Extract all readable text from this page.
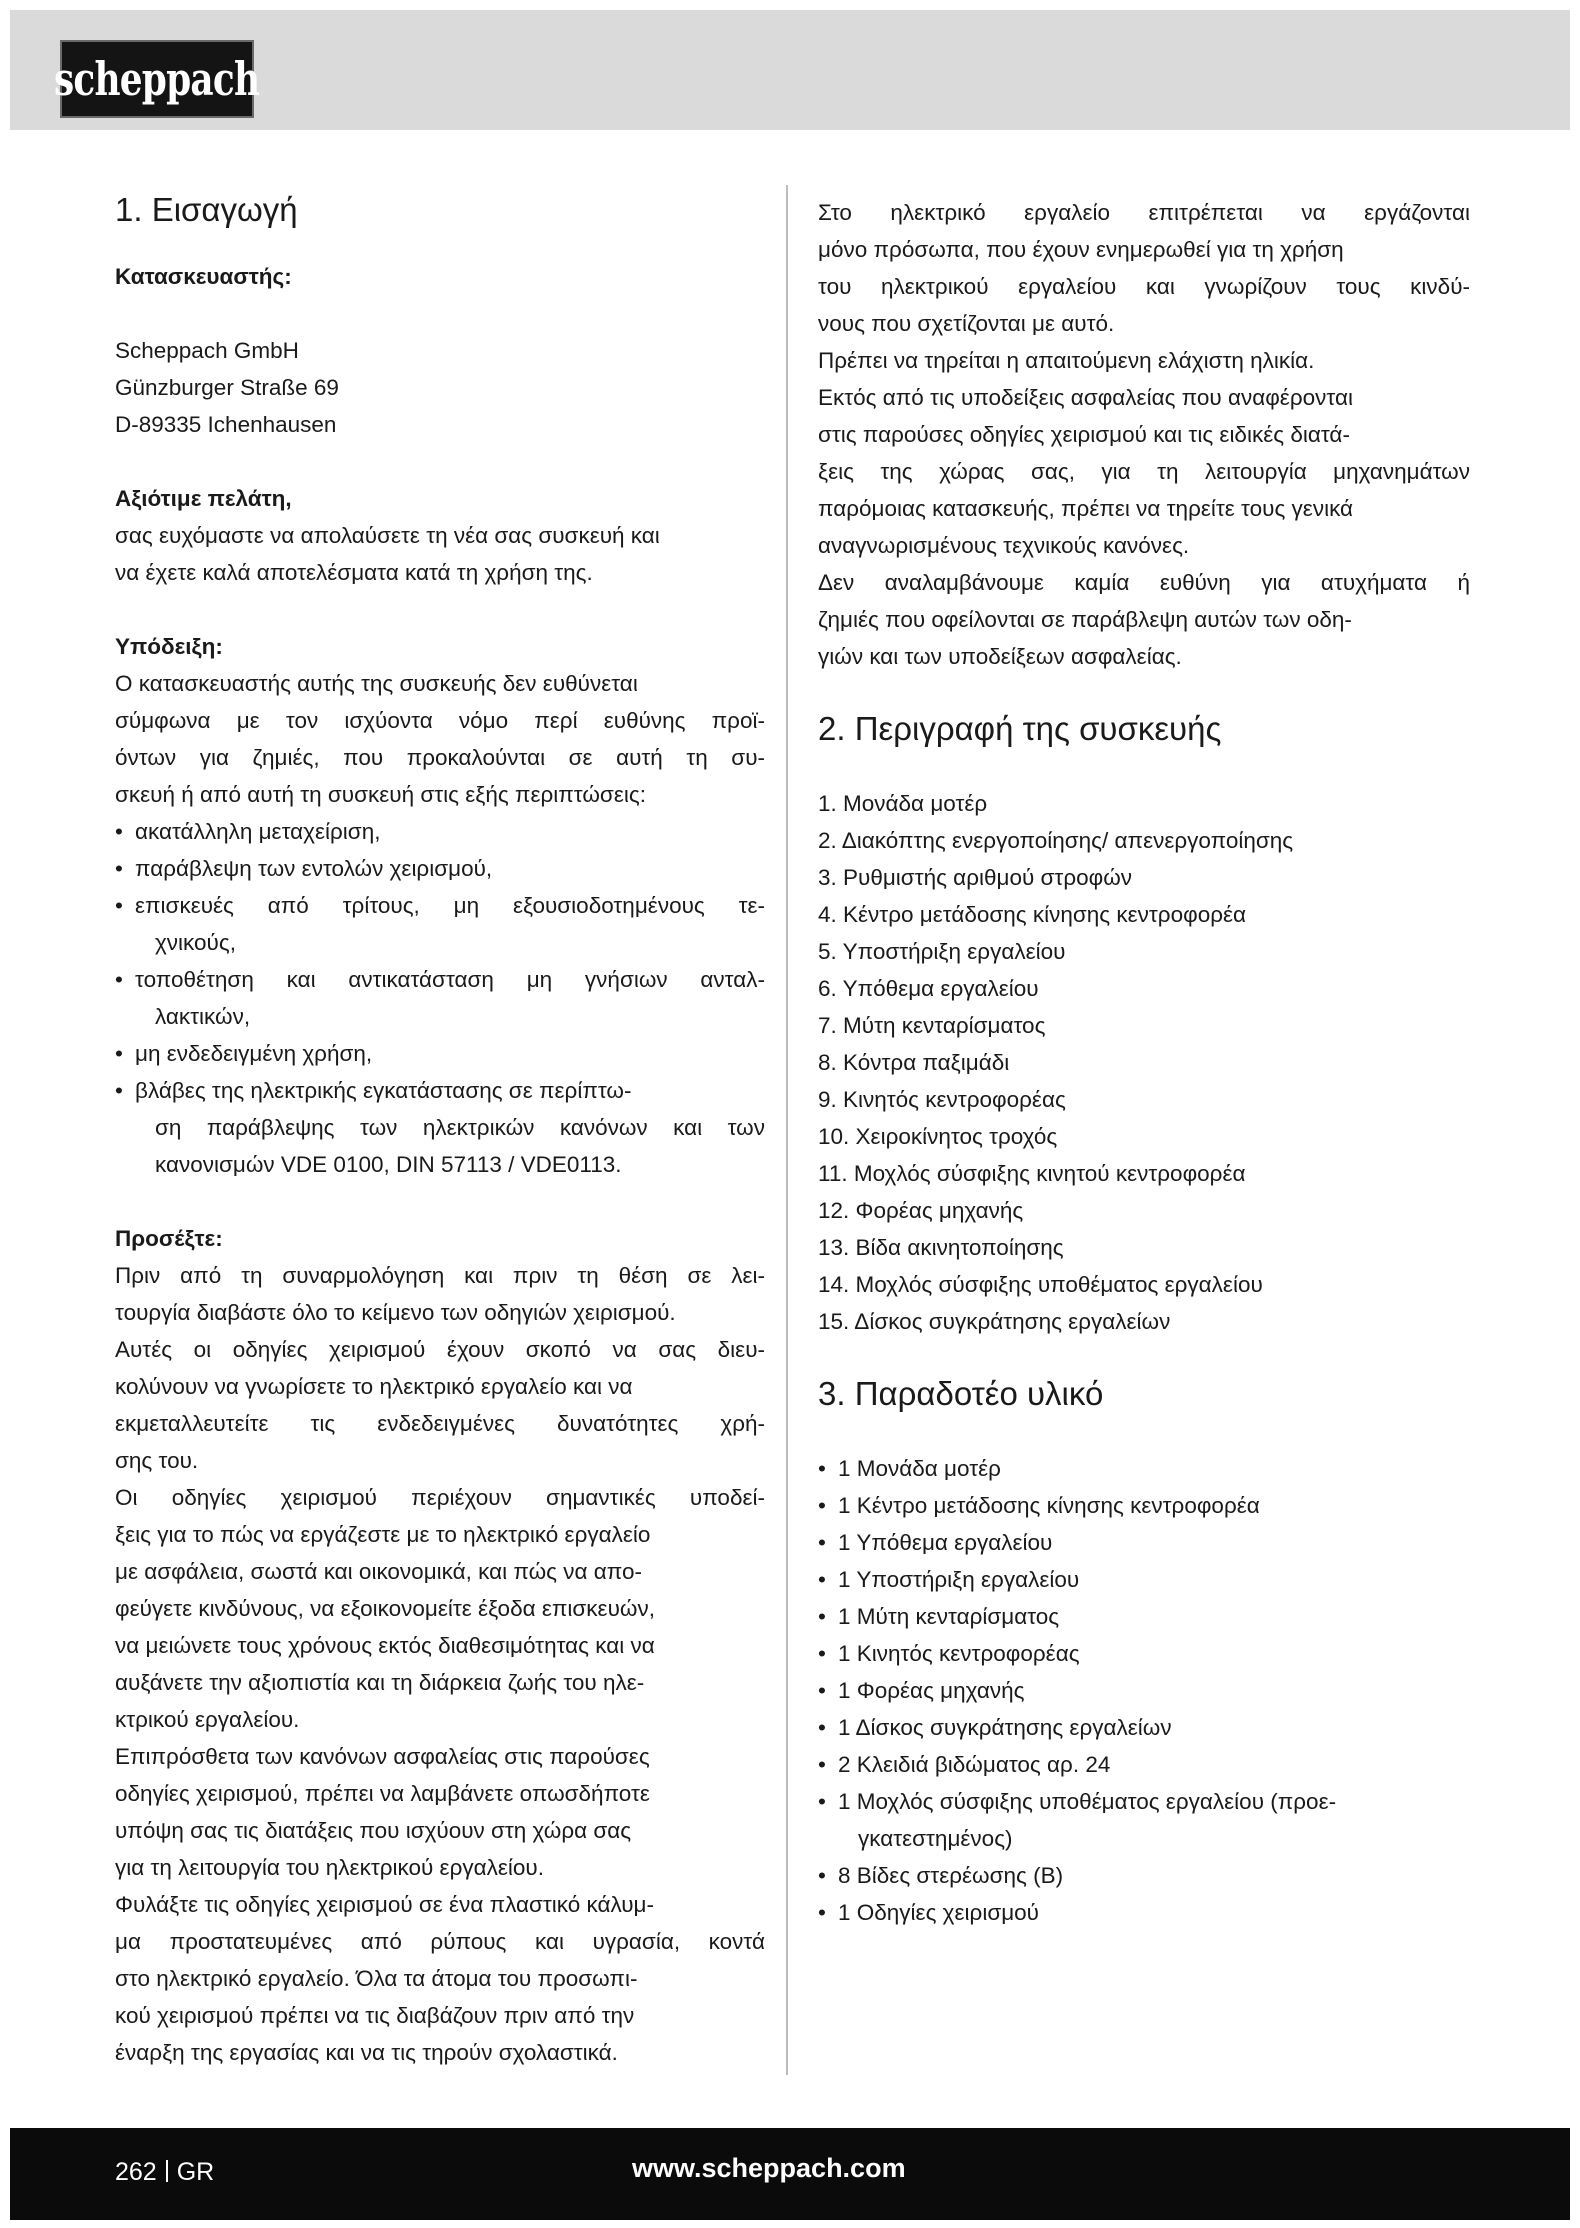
scheppach
1. Εισαγωγή
Κατασκευαστής:
Scheppach GmbH
Günzburger Straße 69
D-89335 Ichenhausen
Αξιότιμε πελάτη,
σας ευχόμαστε να απολαύσετε τη νέα σας συσκευή και
να έχετε καλά αποτελέσματα κατά τη χρήση της.
Υπόδειξη:
Ο κατασκευαστής αυτής της συσκευής δεν ευθύνεται
σύμφωνα με τον ισχύοντα νόμο περί ευθύνης προϊ-
όντων για ζημιές, που προκαλούνται σε αυτή τη συ-
σκευή ή από αυτή τη συσκευή στις εξής περιπτώσεις:
• ακατάλληλη μεταχείριση,
• παράβλεψη των εντολών χειρισμού,
• επισκευές από τρίτους, μη εξουσιοδοτημένους τε-
χνικούς,
• τοποθέτηση και αντικατάσταση μη γνήσιων ανταλ-
λακτικών,
• μη ενδεδειγμένη χρήση,
• βλάβες της ηλεκτρικής εγκατάστασης σε περίπτω-
ση παράβλεψης των ηλεκτρικών κανόνων και των
κανονισμών VDE 0100, DIN 57113 / VDE0113.
Προσέξτε:
Πριν από τη συναρμολόγηση και πριν τη θέση σε λει-
τουργία διαβάστε όλο το κείμενο των οδηγιών χειρισμού.
Αυτές οι οδηγίες χειρισμού έχουν σκοπό να σας διευ-
κολύνουν να γνωρίσετε το ηλεκτρικό εργαλείο και να
εκμεταλλευτείτε τις ενδεδειγμένες δυνατότητες χρή-
σης του.
Οι οδηγίες χειρισμού περιέχουν σημαντικές υποδεί-
ξεις για το πώς να εργάζεστε με το ηλεκτρικό εργαλείο
με ασφάλεια, σωστά και οικονομικά, και πώς να απο-
φεύγετε κινδύνους, να εξοικονομείτε έξοδα επισκευών,
να μειώνετε τους χρόνους εκτός διαθεσιμότητας και να
αυξάνετε την αξιοπιστία και τη διάρκεια ζωής του ηλε-
κτρικού εργαλείου.
Επιπρόσθετα των κανόνων ασφαλείας στις παρούσες
οδηγίες χειρισμού, πρέπει να λαμβάνετε οπωσδήποτε
υπόψη σας τις διατάξεις που ισχύουν στη χώρα σας
για τη λειτουργία του ηλεκτρικού εργαλείου.
Φυλάξτε τις οδηγίες χειρισμού σε ένα πλαστικό κάλυμ-
μα προστατευμένες από ρύπους και υγρασία, κοντά
στο ηλεκτρικό εργαλείο. Όλα τα άτομα του προσωπι-
κού χειρισμού πρέπει να τις διαβάζουν πριν από την
έναρξη της εργασίας και να τις τηρούν σχολαστικά.
Στο ηλεκτρικό εργαλείο επιτρέπεται να εργάζονται
μόνο πρόσωπα, που έχουν ενημερωθεί για τη χρήση
του ηλεκτρικού εργαλείου και γνωρίζουν τους κινδύ-
νους που σχετίζονται με αυτό.
Πρέπει να τηρείται η απαιτούμενη ελάχιστη ηλικία.
Εκτός από τις υποδείξεις ασφαλείας που αναφέρονται
στις παρούσες οδηγίες χειρισμού και τις ειδικές διατά-
ξεις της χώρας σας, για τη λειτουργία μηχανημάτων
παρόμοιας κατασκευής, πρέπει να τηρείτε τους γενικά
αναγνωρισμένους τεχνικούς κανόνες.
Δεν αναλαμβάνουμε καμία ευθύνη για ατυχήματα ή
ζημιές που οφείλονται σε παράβλεψη αυτών των οδη-
γιών και των υποδείξεων ασφαλείας.
2. Περιγραφή της συσκευής
1. Μονάδα μοτέρ
2. Διακόπτης ενεργοποίησης/ απενεργοποίησης
3. Ρυθμιστής αριθμού στροφών
4. Κέντρο μετάδοσης κίνησης κεντροφορέα
5. Υποστήριξη εργαλείου
6. Υπόθεμα εργαλείου
7. Μύτη κενταρίσματος
8. Κόντρα παξιμάδι
9. Κινητός κεντροφορέας
10. Χειροκίνητος τροχός
11. Μοχλός σύσφιξης κινητού κεντροφορέα
12. Φορέας μηχανής
13. Βίδα ακινητοποίησης
14. Μοχλός σύσφιξης υποθέματος εργαλείου
15. Δίσκος συγκράτησης εργαλείων
3. Παραδοτέο υλικό
• 1 Μονάδα μοτέρ
• 1 Κέντρο μετάδοσης κίνησης κεντροφορέα
• 1 Υπόθεμα εργαλείου
• 1 Υποστήριξη εργαλείου
• 1 Μύτη κενταρίσματος
• 1 Κινητός κεντροφορέας
• 1 Φορέας μηχανής
• 1 Δίσκος συγκράτησης εργαλείων
• 2 Κλειδιά βιδώματος αρ. 24
• 1 Μοχλός σύσφιξης υποθέματος εργαλείου (προε-
γκατεστημένος)
• 8 Βίδες στερέωσης (B)
• 1 Οδηγίες χειρισμού
262 GR	www.scheppach.com
